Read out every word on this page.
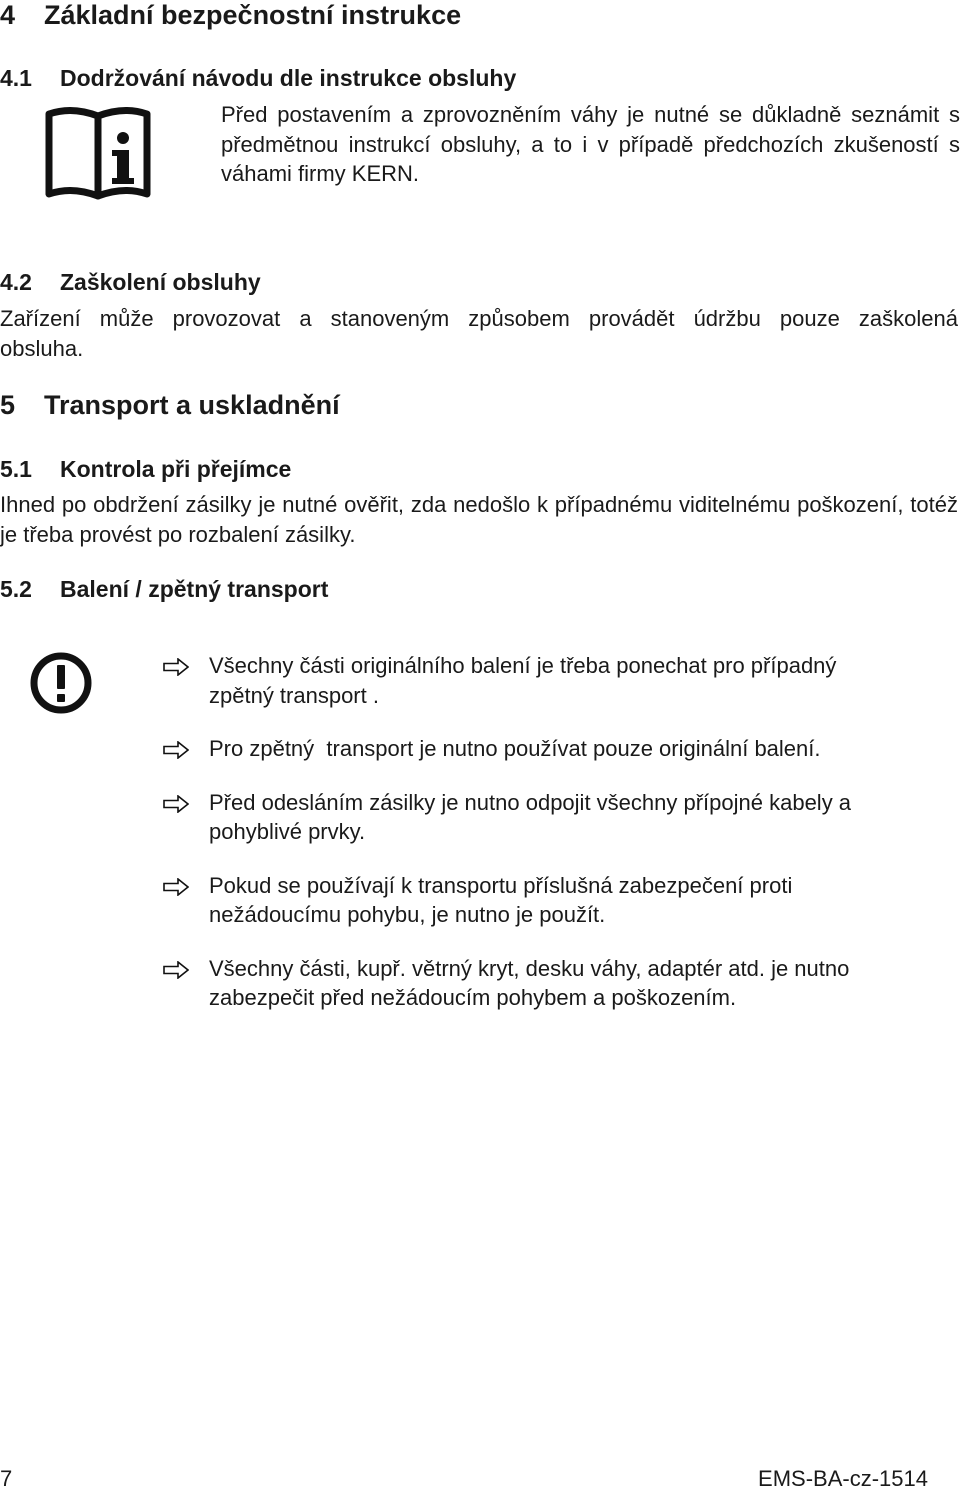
4 Základní bezpečnostní instrukce
4.1 Dodržování návodu dle instrukce obsluhy

Před postavením a zprovozněním váhy je nutné se důkladně seznámit s předmětnou instrukcí obsluhy, a to i v případě předchozích zkušeností s váhami firmy KERN.

4.2 Zaškolení obsluhy

Zařízení může provozovat a stanoveným způsobem provádět údržbu pouze zaškolená obsluha.

5 Transport a uskladnění
5.1 Kontrola při přejímce

Ihned po obdržení zásilky je nutné ověřit, zda nedošlo k případnému viditelnému poškození, totéž je třeba provést po rozbalení zásilky.

5.2 Balení / zpětný transport

Všechny části originálního balení je třeba ponechat pro případný zpětný transport .

Pro zpětný  transport je nutno používat pouze originální balení.

Před odesláním zásilky je nutno odpojit všechny přípojné kabely a pohyblivé prvky.

Pokud se používají k transportu příslušná zabezpečení proti nežádoucímu pohybu, je nutno je použít.

Všechny části, kupř. větrný kryt, desku váhy, adaptér atd. je nutno zabezpečit před nežádoucím pohybem a poškozením.

7	EMS-BA-cz-1514
